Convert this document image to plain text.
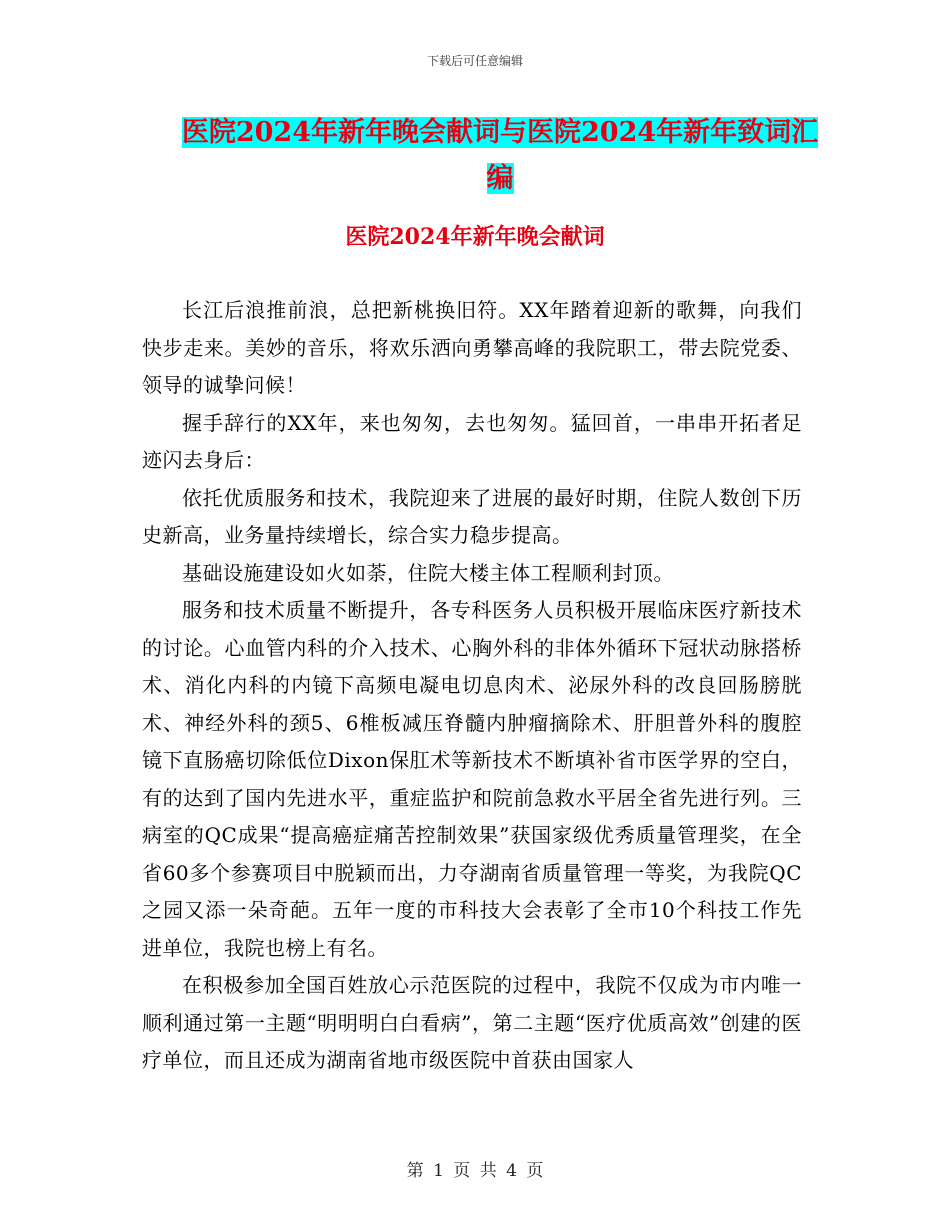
下载后可任意编辑
医院2024年新年晚会献词与医院2024年新年致词汇编
医院2024年新年晚会献词

长江后浪推前浪，总把新桃换旧符。XX年踏着迎新的歌舞，向我们快步走来。美妙的音乐，将欢乐洒向勇攀高峰的我院职工，带去院党委、领导的诚挚问候！

握手辞行的XX年，来也匆匆，去也匆匆。猛回首，一串串开拓者足迹闪去身后：

依托优质服务和技术，我院迎来了进展的最好时期，住院人数创下历史新高，业务量持续增长，综合实力稳步提高。

基础设施建设如火如荼，住院大楼主体工程顺利封顶。

服务和技术质量不断提升，各专科医务人员积极开展临床医疗新技术的讨论。心血管内科的介入技术、心胸外科的非体外循环下冠状动脉搭桥术、消化内科的内镜下高频电凝电切息肉术、泌尿外科的改良回肠膀胱术、神经外科的颈5、6椎板减压脊髓内肿瘤摘除术、肝胆普外科的腹腔镜下直肠癌切除低位Dixon保肛术等新技术不断填补省市医学界的空白，有的达到了国内先进水平，重症监护和院前急救水平居全省先进行列。三病室的QC成果“提高癌症痛苦控制效果”获国家级优秀质量管理奖，在全省60多个参赛项目中脱颖而出，力夺湖南省质量管理一等奖，为我院QC之园又添一朵奇葩。五年一度的市科技大会表彰了全市10个科技工作先进单位，我院也榜上有名。

在积极参加全国百姓放心示范医院的过程中，我院不仅成为市内唯一顺利通过第一主题“明明明白白看病”，第二主题“医疗优质高效”创建的医疗单位，而且还成为湖南省地市级医院中首获由国家人

第 1 页 共 4 页
